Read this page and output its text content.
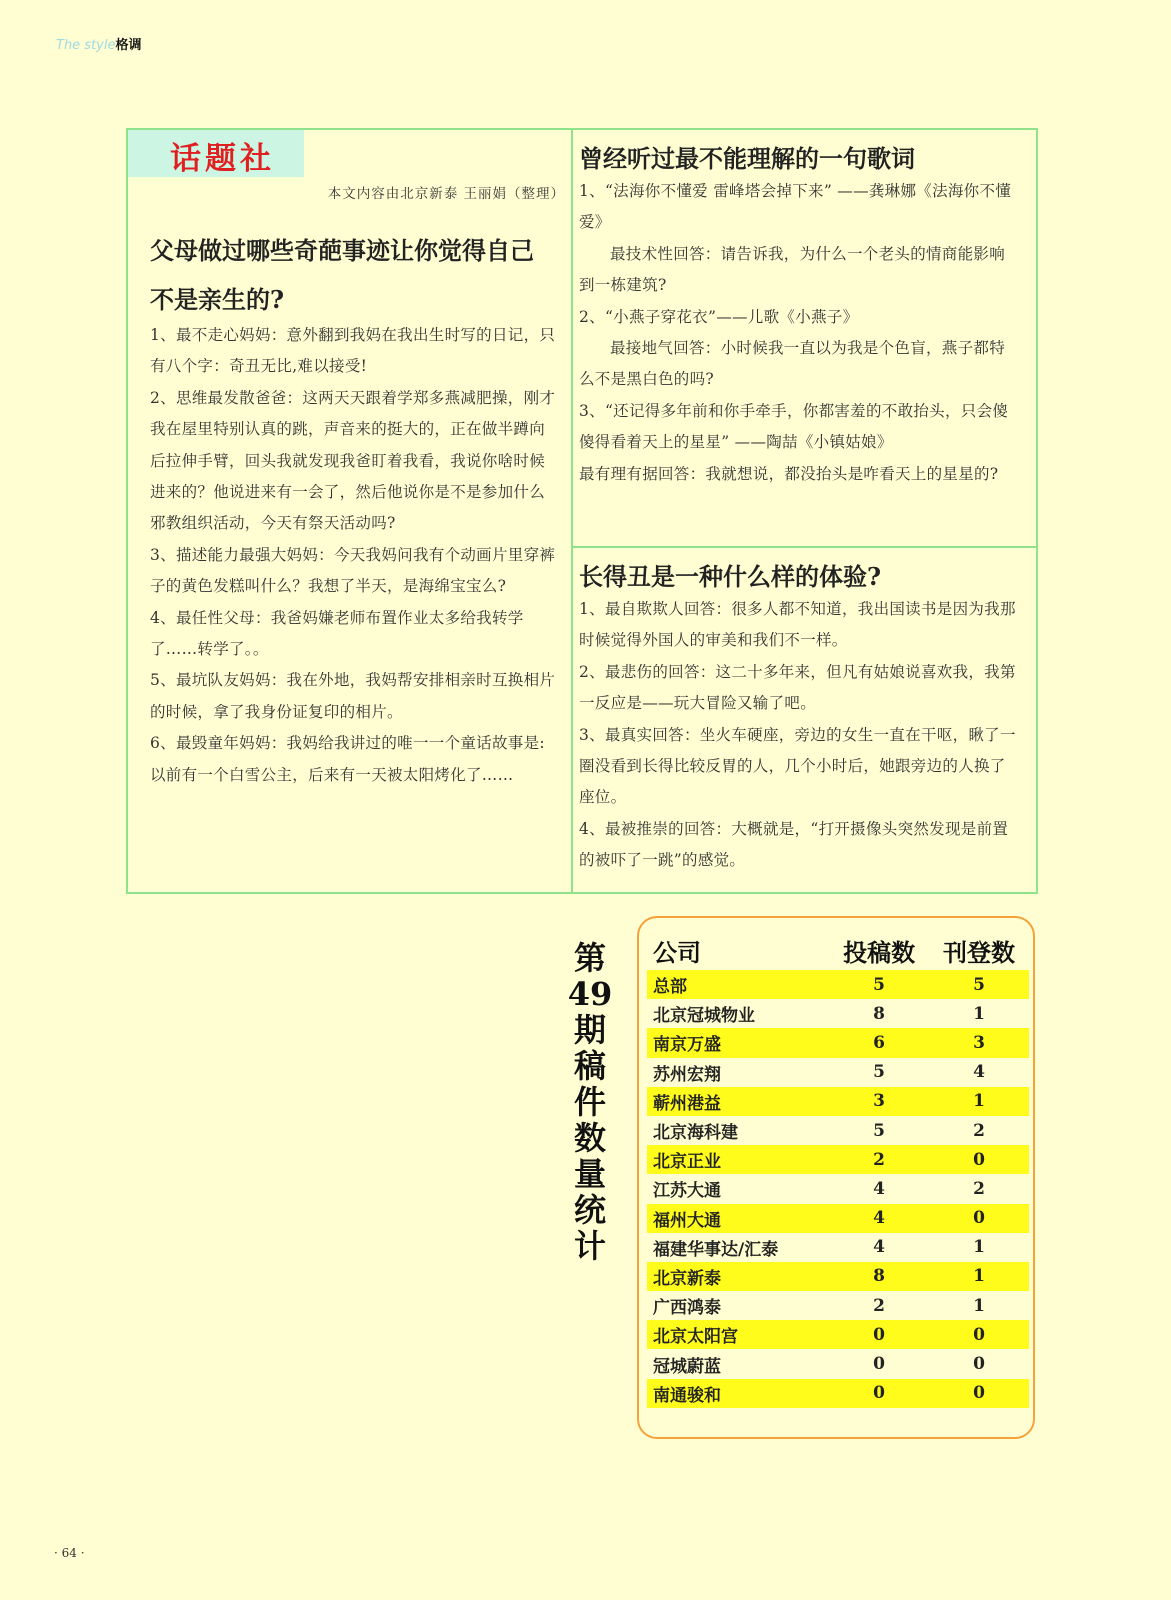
The style格调
话题社
本文内容由北京新泰 王丽娟（整理）
父母做过哪些奇葩事迹让你觉得自己不是亲生的?

1、最不走心妈妈：意外翻到我妈在我出生时写的日记，只有八个字：奇丑无比,难以接受!

2、思维最发散爸爸：这两天天跟着学郑多燕减肥操，刚才我在屋里特别认真的跳，声音来的挺大的，正在做半蹲向后拉伸手臂，回头我就发现我爸盯着我看，我说你啥时候进来的？他说进来有一会了，然后他说你是不是参加什么邪教组织活动，今天有祭天活动吗?

3、描述能力最强大妈妈：今天我妈问我有个动画片里穿裤子的黄色发糕叫什么？我想了半天，是海绵宝宝么?

4、最任性父母：我爸妈嫌老师布置作业太多给我转学了……转学了。。

5、最坑队友妈妈：我在外地，我妈帮安排相亲时互换相片的时候，拿了我身份证复印的相片。

6、最毁童年妈妈：我妈给我讲过的唯一一个童话故事是:以前有一个白雪公主，后来有一天被太阳烤化了……

曾经听过最不能理解的一句歌词

1、“法海你不懂爱 雷峰塔会掉下来” ——龚琳娜《法海你不懂爱》

最技术性回答：请告诉我，为什么一个老头的情商能影响到一栋建筑?

2、“小燕子穿花衣”——儿歌《小燕子》

最接地气回答：小时候我一直以为我是个色盲，燕子都特么不是黑白色的吗?

3、“还记得多年前和你手牵手，你都害羞的不敢抬头，只会傻傻得看着天上的星星” ——陶喆《小镇姑娘》

最有理有据回答：我就想说，都没抬头是咋看天上的星星的?

长得丑是一种什么样的体验?

1、最自欺欺人回答：很多人都不知道，我出国读书是因为我那时候觉得外国人的审美和我们不一样。

2、最悲伤的回答：这二十多年来，但凡有姑娘说喜欢我，我第一反应是——玩大冒险又输了吧。

3、最真实回答：坐火车硬座，旁边的女生一直在干呕，瞅了一圈没看到长得比较反胃的人，几个小时后，她跟旁边的人换了座位。

4、最被推崇的回答：大概就是，“打开摄像头突然发现是前置的被吓了一跳”的感觉。

第
49
期
稿
件
数
量
统
计
公司	投稿数	刊登数
总部	5	5
北京冠城物业	8	1
南京万盛	6	3
苏州宏翔	5	4
蕲州港益	3	1
北京海科建	5	2
北京正业	2	0
江苏大通	4	2
福州大通	4	0
福建华事达/汇泰	4	1
北京新泰	8	1
广西鸿泰	2	1
北京太阳宫	0	0
冠城蔚蓝	0	0
南通骏和	0	0
· 64 ·
